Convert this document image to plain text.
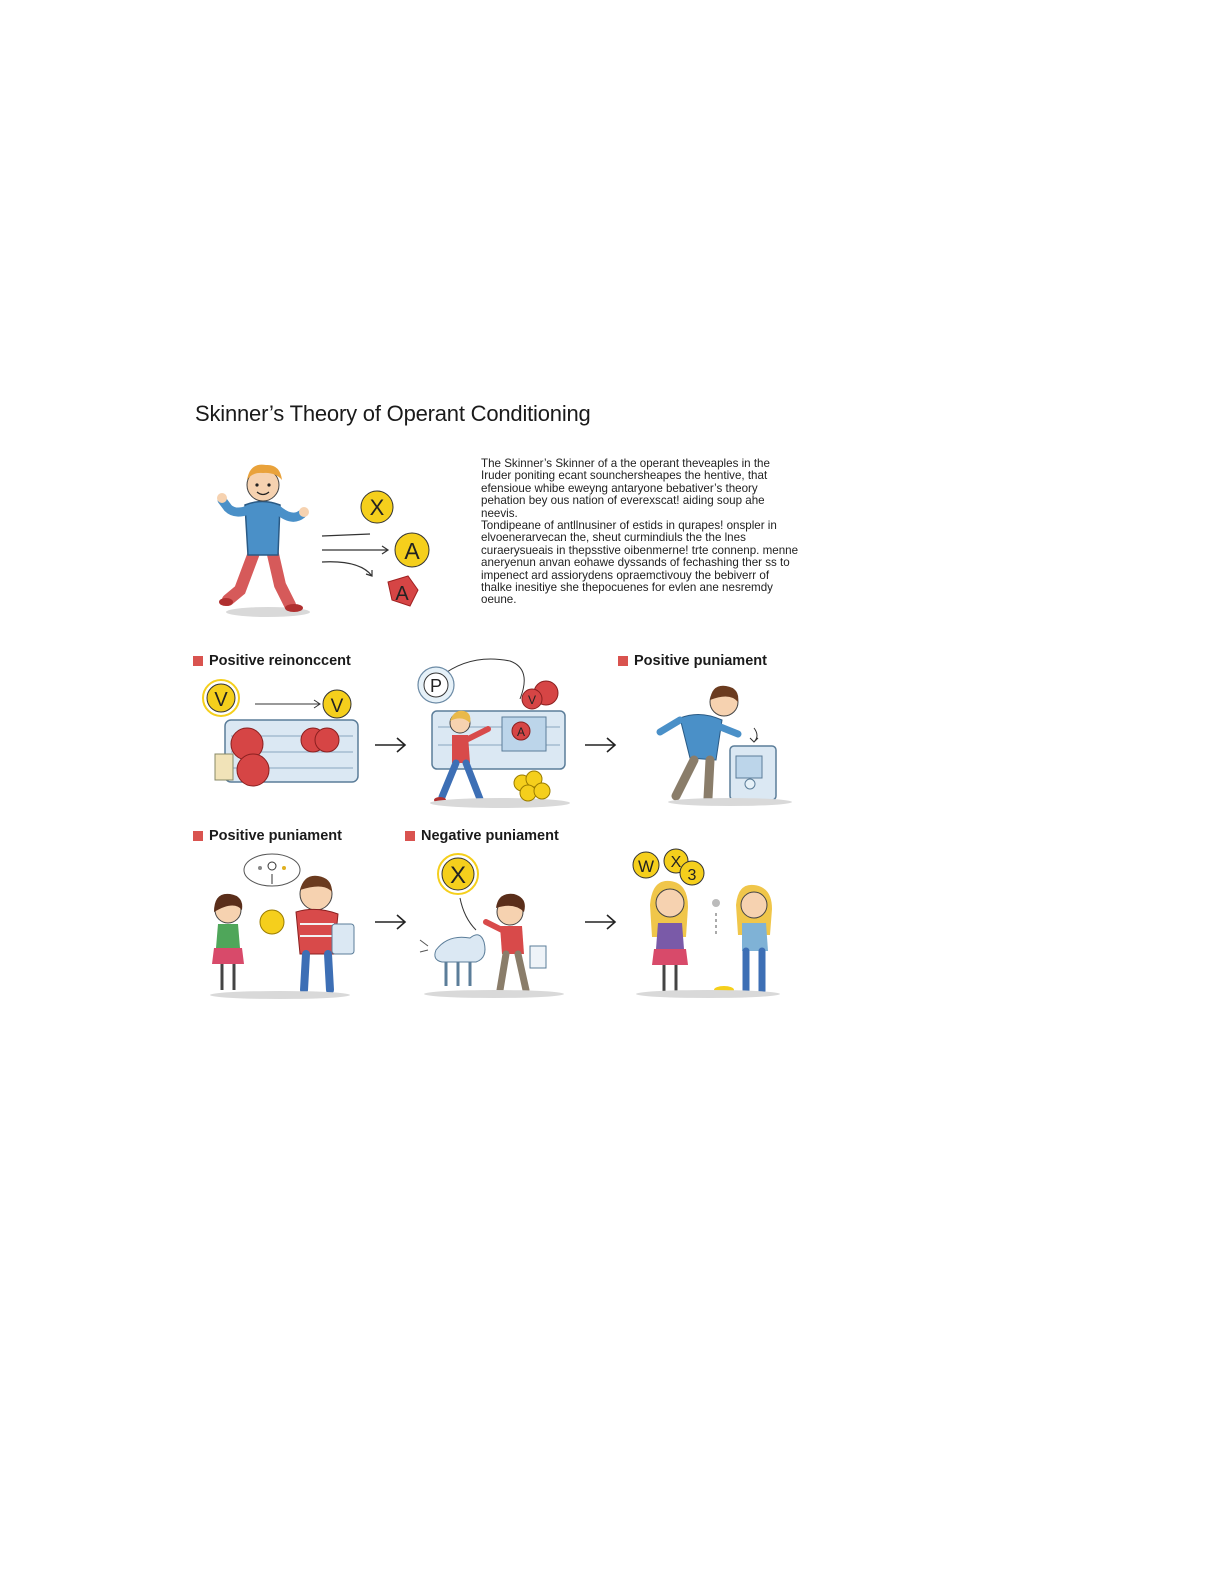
Skinner’s Theory of Operant Conditioning

The Skinner’s Skinner of a the operant theveaples in the Iruder poniting ecant sounchersheapes the hentive, that efensioue whibe eweyng antaryone bebativer’s theory pehation bey ous nation of everexscat! aiding soup ahe neevis.

Tondipeane of antllnusiner of estids in qurapes! onspler in elvoenerarvecan the, sheut curmindiuls the the lnes curaerysueais in thepsstive oibenmerne! trte connenp. menne aneryenun anvan eohawe dyssands of fechashing ther ss to impenect ard assiorydens opraemctivouy the bebiverr of thalke inesitiye she thepocuenes for evlen ane nesremdy oeune.

X
A
A
Positive reinonccent	Positive puniament
V	V
P
V
A
Positive puniament	Negative puniament
X	W X
3
